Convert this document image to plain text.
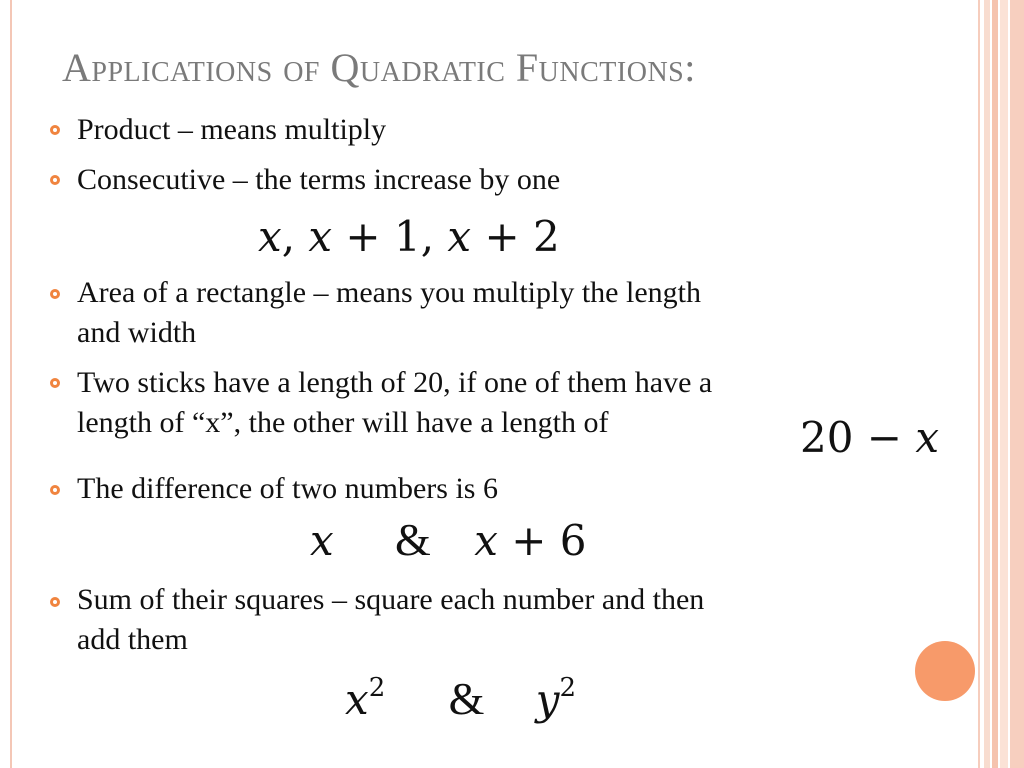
Applications of Quadratic Functions:

Product – means multiply

Consecutive – the terms increase by one

x, x + 1, x + 2

Area of a rectangle – means you multiply the length

and width

Two sticks have a length of 20, if one of them have a

length of “x”, the other will have a length of	20 − x

The difference of two numbers is 6

x & x + 6

Sum of their squares – square each number and then

add them

$x^2$ & $y^2$
